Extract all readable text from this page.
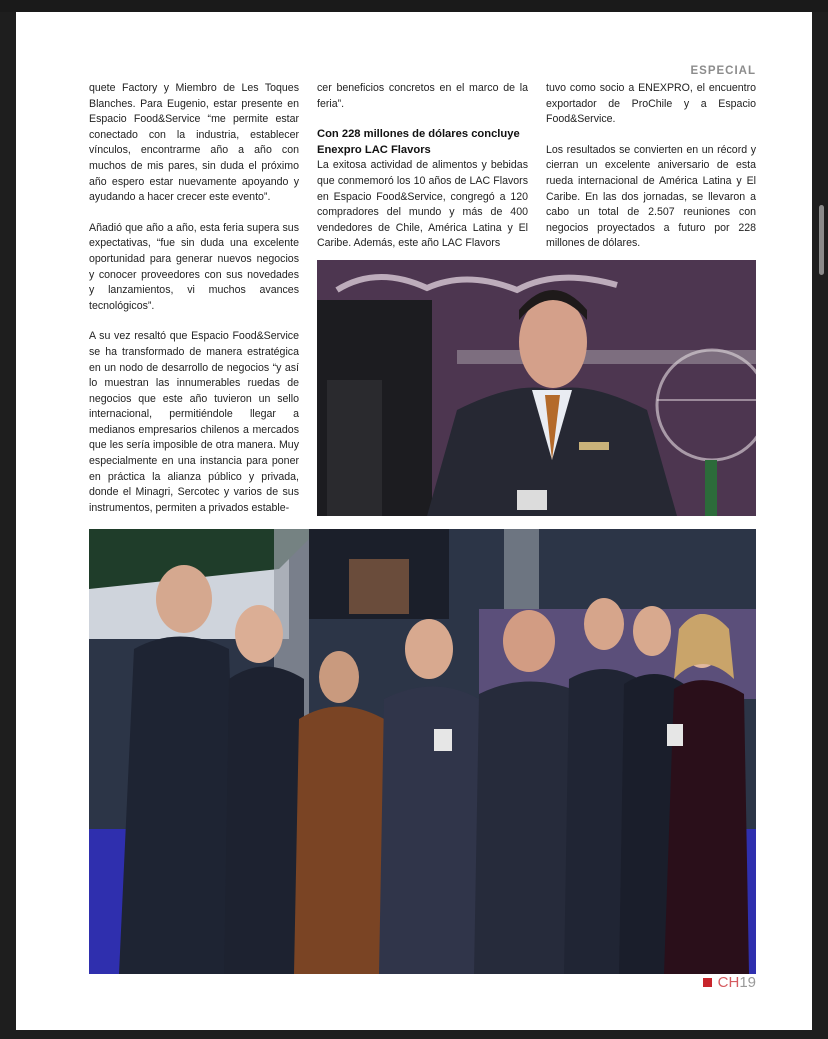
ESPECIAL

quete Factory y Miembro de Les Toques Blanches. Para Eugenio, estar presente en Espacio Food&Service “me permite estar conectado con la industria, establecer vínculos, encontrarme año a año con muchos de mis pares, sin duda el próximo año espero estar nuevamente apoyando y ayudando a hacer crecer este evento”.

Añadió que año a año, esta feria supera sus expectativas, “fue sin duda una excelente oportunidad para generar nuevos negocios y conocer proveedores con sus novedades y lanzamientos, vi muchos avances tecnológicos”.

A su vez resaltó que Espacio Food&Service se ha transformado de manera estratégica en un nodo de desarrollo de negocios “y así lo muestran las innumerables ruedas de negocios que este año tuvieron un sello internacional, permitiéndole llegar a medianos empresarios chilenos a mercados que les sería imposible de otra manera. Muy especialmente en una instancia para poner en práctica la alianza público y privada, donde el Minagri, Sercotec y varios de sus instrumentos, permiten a privados estable-

cer beneficios concretos en el marco de la feria”.

Con 228 millones de dólares concluye Enexpro LAC Flavors

La exitosa actividad de alimentos y bebidas que conmemoró los 10 años de LAC Flavors en Espacio Food&Service, congregó a 120 compradores del mundo y más de 400 vendedores de Chile, América Latina y El Caribe. Además, este año LAC Flavors

tuvo como socio a ENEXPRO, el encuentro exportador de ProChile y a Espacio Food&Service.

Los resultados se convierten en un récord y cierran un excelente aniversario de esta rueda internacional de América Latina y El Caribe. En las dos jornadas, se llevaron a cabo un total de 2.507 reuniones con negocios proyectados a futuro por 228 millones de dólares.

CH19
